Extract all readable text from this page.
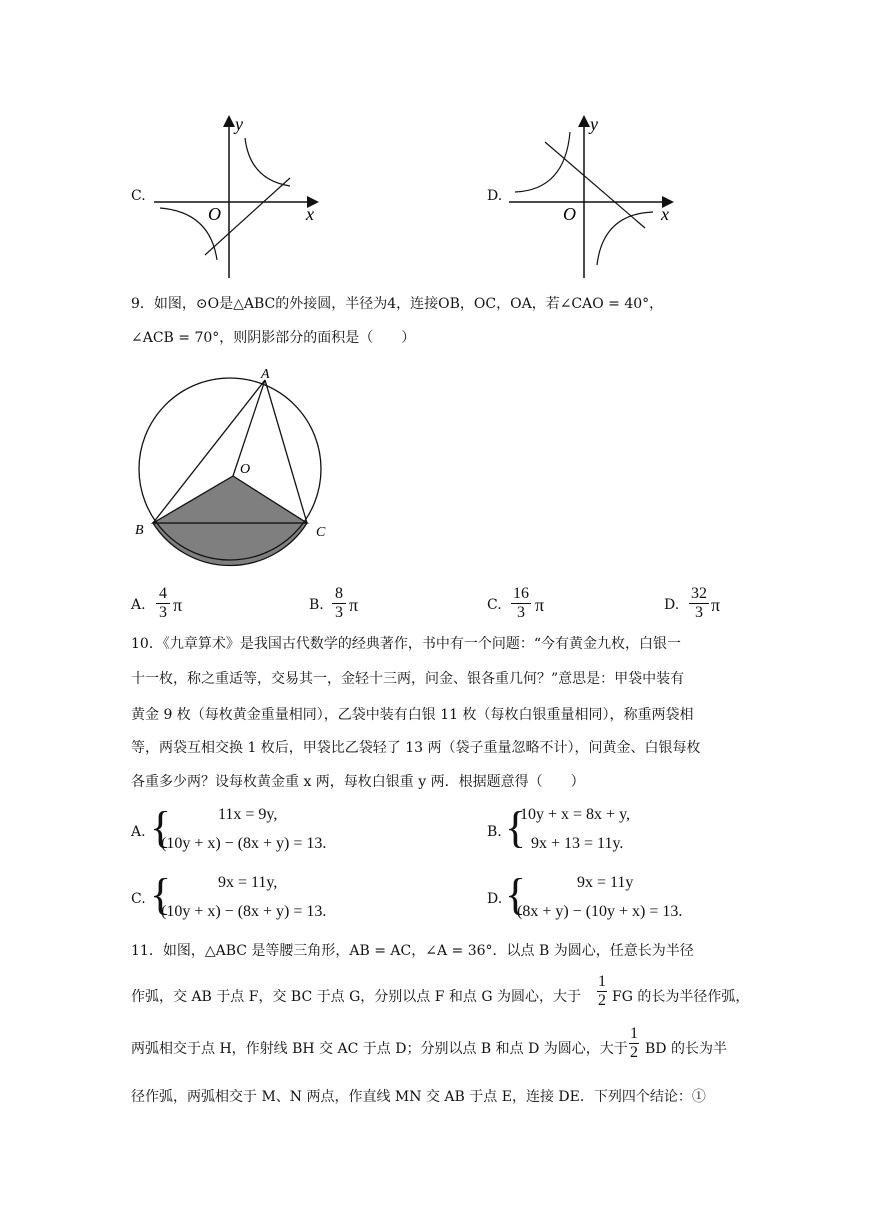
C.
y
x
O
D.
y
x
O
9．如图，⊙O是△ABC的外接圆，半径为4，连接OB，OC，OA，若∠CAO = 40°，
∠ACB = 70°，则阴影部分的面积是（　　）
A
B	C
O
A.
4
3 π	B.
8
3 π	C.
16
3 π	D.
32
3 π
10．《九章算术》是我国古代数学的经典著作，书中有一个问题：“今有黄金九枚，白银一
十一枚，称之重适等，交易其一，金轻十三两，问金、银各重几何？”意思是：甲袋中装有
黄金 9 枚（每枚黄金重量相同），乙袋中装有白银 11 枚（每枚白银重量相同），称重两袋相
等，两袋互相交换 1 枚后，甲袋比乙袋轻了 13 两（袋子重量忽略不计），问黄金、白银每枚
各重多少两？设每枚黄金重 x 两，每枚白银重 y 两．根据题意得（　　）
A. {	11x = 9y,
(10y + x) − (8x + y) = 13.
B. {
10y + x = 8x + y,
9x + 13 = 11y.
C. {	9x = 11y,
(10y + x) − (8x + y) = 13.
D. {	9x = 11y
(8x + y) − (10y + x) = 13.
11．如图，△ABC 是等腰三角形，AB = AC，∠A = 36°．以点 B 为圆心，任意长为半径
作弧，交 AB 于点 F，交 BC 于点 G，分别以点 F 和点 G 为圆心，大于
1
2 FG 的长为半径作弧，
两弧相交于点 H，作射线 BH 交 AC 于点 D；分别以点 B 和点 D 为圆心，大于
1
2 BD 的长为半
径作弧，两弧相交于 M、N 两点，作直线 MN 交 AB 于点 E，连接 DE．下列四个结论：①
